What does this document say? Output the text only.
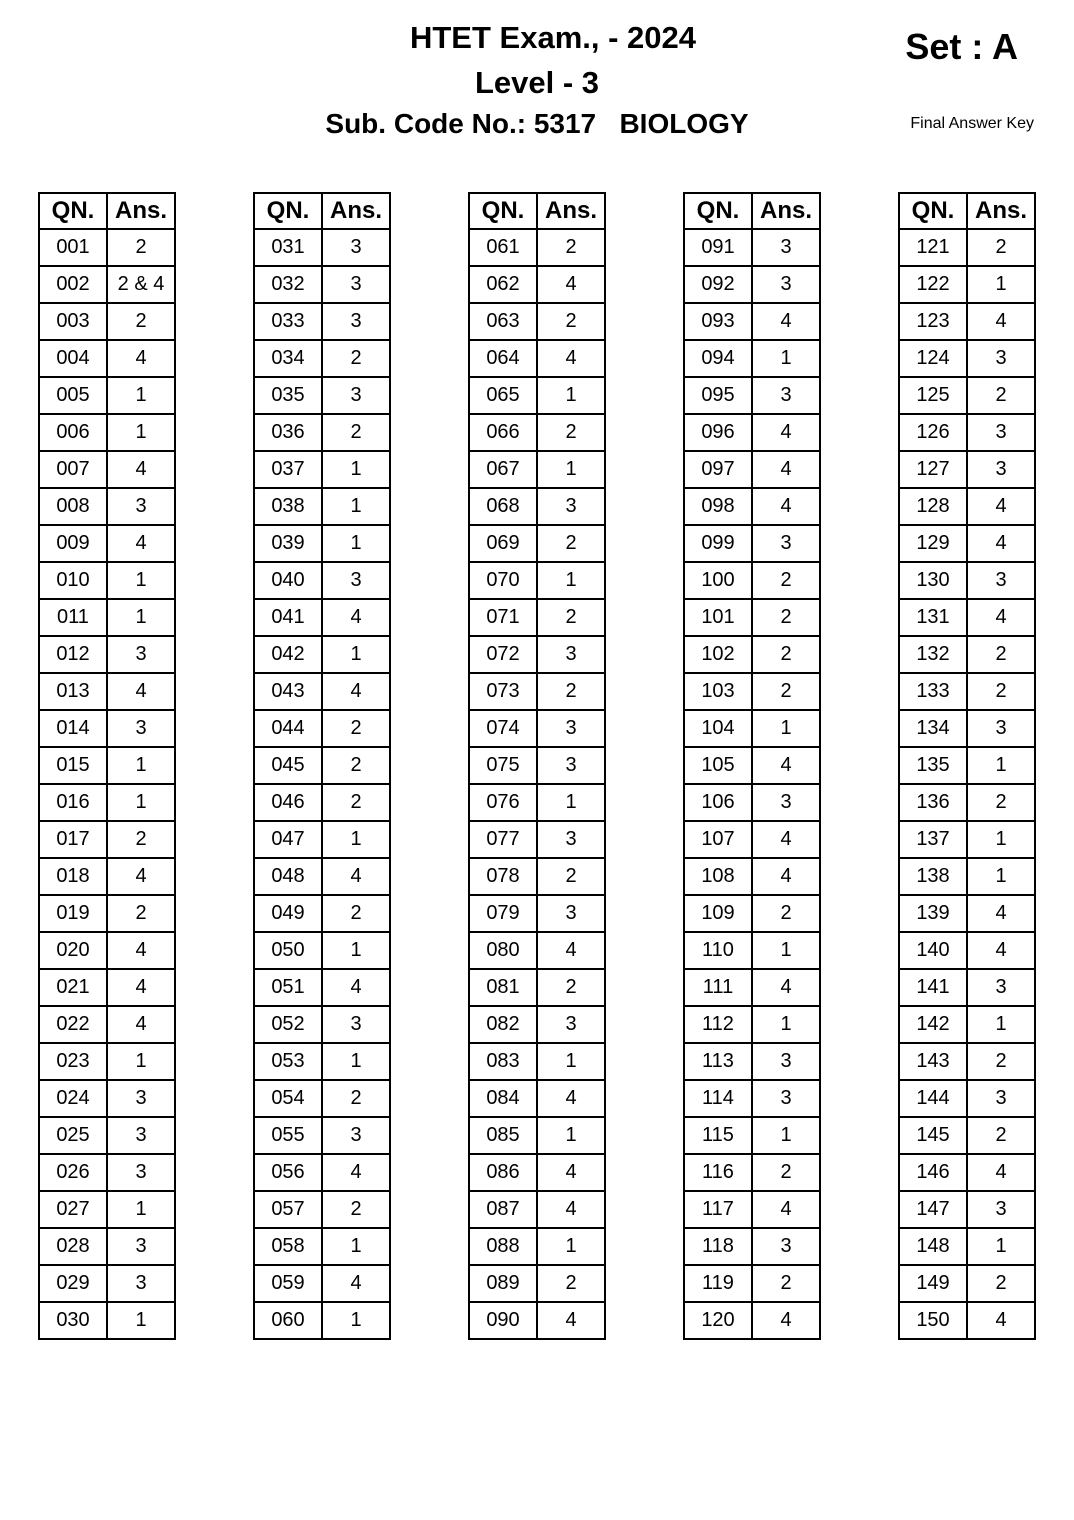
HTET Exam., - 2024
Level - 3
Sub. Code No.: 5317   BIOLOGY
Set : A
Final Answer Key
QN.	Ans.
001	2
002	2 & 4
003	2
004	4
005	1
006	1
007	4
008	3
009	4
010	1
011	1
012	3
013	4
014	3
015	1
016	1
017	2
018	4
019	2
020	4
021	4
022	4
023	1
024	3
025	3
026	3
027	1
028	3
029	3
030	1
QN.	Ans.
031	3
032	3
033	3
034	2
035	3
036	2
037	1
038	1
039	1
040	3
041	4
042	1
043	4
044	2
045	2
046	2
047	1
048	4
049	2
050	1
051	4
052	3
053	1
054	2
055	3
056	4
057	2
058	1
059	4
060	1
QN.	Ans.
061	2
062	4
063	2
064	4
065	1
066	2
067	1
068	3
069	2
070	1
071	2
072	3
073	2
074	3
075	3
076	1
077	3
078	2
079	3
080	4
081	2
082	3
083	1
084	4
085	1
086	4
087	4
088	1
089	2
090	4
QN.	Ans.
091	3
092	3
093	4
094	1
095	3
096	4
097	4
098	4
099	3
100	2
101	2
102	2
103	2
104	1
105	4
106	3
107	4
108	4
109	2
110	1
111	4
112	1
113	3
114	3
115	1
116	2
117	4
118	3
119	2
120	4
QN.	Ans.
121	2
122	1
123	4
124	3
125	2
126	3
127	3
128	4
129	4
130	3
131	4
132	2
133	2
134	3
135	1
136	2
137	1
138	1
139	4
140	4
141	3
142	1
143	2
144	3
145	2
146	4
147	3
148	1
149	2
150	4
